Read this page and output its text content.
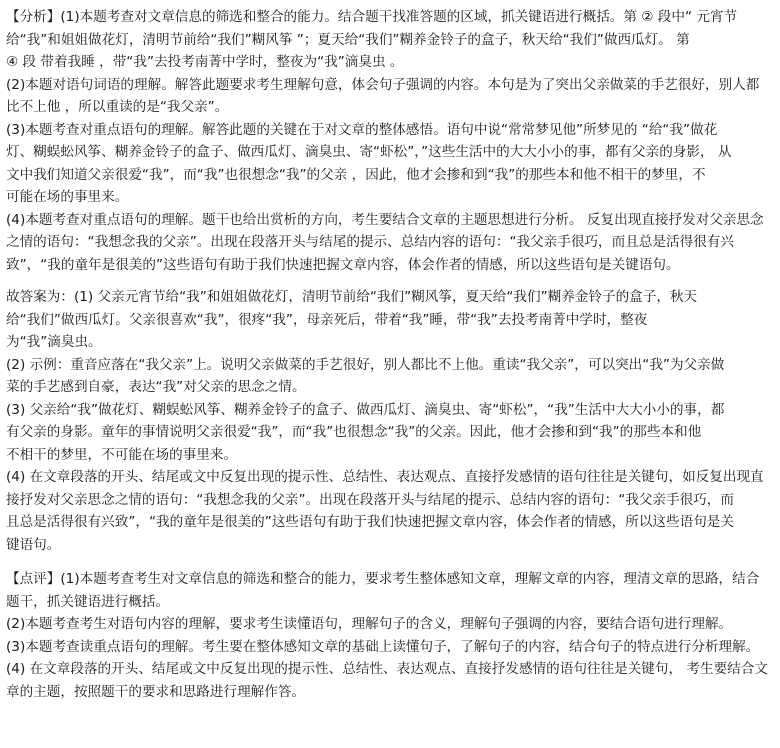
【分析】(1)本题考查对文章信息的筛选和整合的能力。结合题干找准答题的区域，抓关键语进行概括。第 ② 段中“ 元宵节
给“我”和姐姐做花灯，清明节前给“我们”糊风筝 ”；夏天给“我们”糊养金铃子的盒子，秋天给“我们”做西瓜灯。 第
④ 段 带着我睡 ，带“我”去投考南菁中学时，整夜为“我”滴臭虫 。
(2)本题对语句词语的理解。解答此题要求考生理解句意，体会句子强调的内容。本句是为了突出父亲做菜的手艺很好，别人都
比不上他 ，所以重读的是“我父亲”。
(3)本题考查对重点语句的理解。解答此题的关键在于对文章的整体感悟。语句中说“常常梦见他”所梦见的 “给“我”做花
灯、糊蜈蚣风筝、糊养金铃子的盒子、做西瓜灯、滴臭虫、寄“虾松”，”这些生活中的大大小小的事，都有父亲的身影， 从
文中我们知道父亲很爱“我”，而“我”也很想念“我”的父亲 ，因此，他才会掺和到“我”的那些本和他不相干的梦里，不
可能在场的事里来。
(4)本题考查对重点语句的理解。题干也给出赏析的方向，考生要结合文章的主题思想进行分析。 反复出现直接抒发对父亲思念
之情的语句：“我想念我的父亲”。出现在段落开头与结尾的提示、总结内容的语句：“我父亲手很巧，而且总是活得很有兴
致”，“我的童年是很美的”这些语句有助于我们快速把握文章内容，体会作者的情感，所以这些语句是关键语句。
故答案为：(1) 父亲元宵节给“我”和姐姐做花灯，清明节前给“我们”糊风筝，夏天给“我们”糊养金铃子的盒子，秋天
给“我们”做西瓜灯。父亲很喜欢“我”，很疼“我”，母亲死后，带着“我”睡，带“我”去投考南菁中学时，整夜
为“我”滴臭虫。
(2) 示例：重音应落在“我父亲”上。说明父亲做菜的手艺很好，别人都比不上他。重读“我父亲”，可以突出“我”为父亲做
菜的手艺感到自豪，表达“我”对父亲的思念之情。
(3) 父亲给“我”做花灯、糊蜈蚣风筝、糊养金铃子的盒子、做西瓜灯、滴臭虫、寄“虾松”，“我”生活中大大小小的事，都
有父亲的身影。童年的事情说明父亲很爱“我”，而“我”也很想念“我”的父亲。因此，他才会掺和到“我”的那些本和他
不相干的梦里，不可能在场的事里来。
(4) 在文章段落的开头、结尾或文中反复出现的提示性、总结性、表达观点、直接抒发感情的语句往往是关键句，如反复出现直
接抒发对父亲思念之情的语句：“我想念我的父亲”。出现在段落开头与结尾的提示、总结内容的语句：“我父亲手很巧，而
且总是活得很有兴致”，“我的童年是很美的”这些语句有助于我们快速把握文章内容，体会作者的情感，所以这些语句是关
键语句。
【点评】(1)本题考查考生对文章信息的筛选和整合的能力，要求考生整体感知文章，理解文章的内容，理清文章的思路，结合
题干，抓关键语进行概括。
(2)本题考查考生对语句内容的理解，要求考生读懂语句，理解句子的含义，理解句子强调的内容，要结合语句进行理解。
(3)本题考查读重点语句的理解。考生要在整体感知文章的基础上读懂句子，了解句子的内容，结合句子的特点进行分析理解。
(4) 在文章段落的开头、结尾或文中反复出现的提示性、总结性、表达观点、直接抒发感情的语句往往是关键句， 考生要结合文
章的主题，按照题干的要求和思路进行理解作答。
